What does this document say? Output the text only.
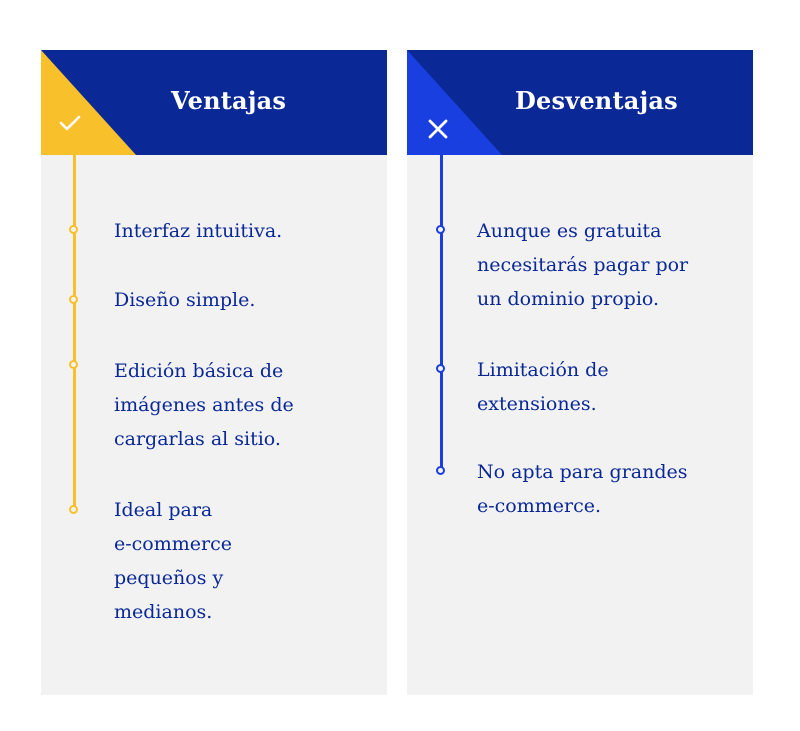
Ventajas
Interfaz intuitiva.
Diseño simple.
Edición básica de
imágenes antes de
cargarlas al sitio.
Ideal para
e-commerce
pequeños y
medianos.
Desventajas
Aunque es gratuita
necesitarás pagar por
un dominio propio.
Limitación de
extensiones.
No apta para grandes
e-commerce.
